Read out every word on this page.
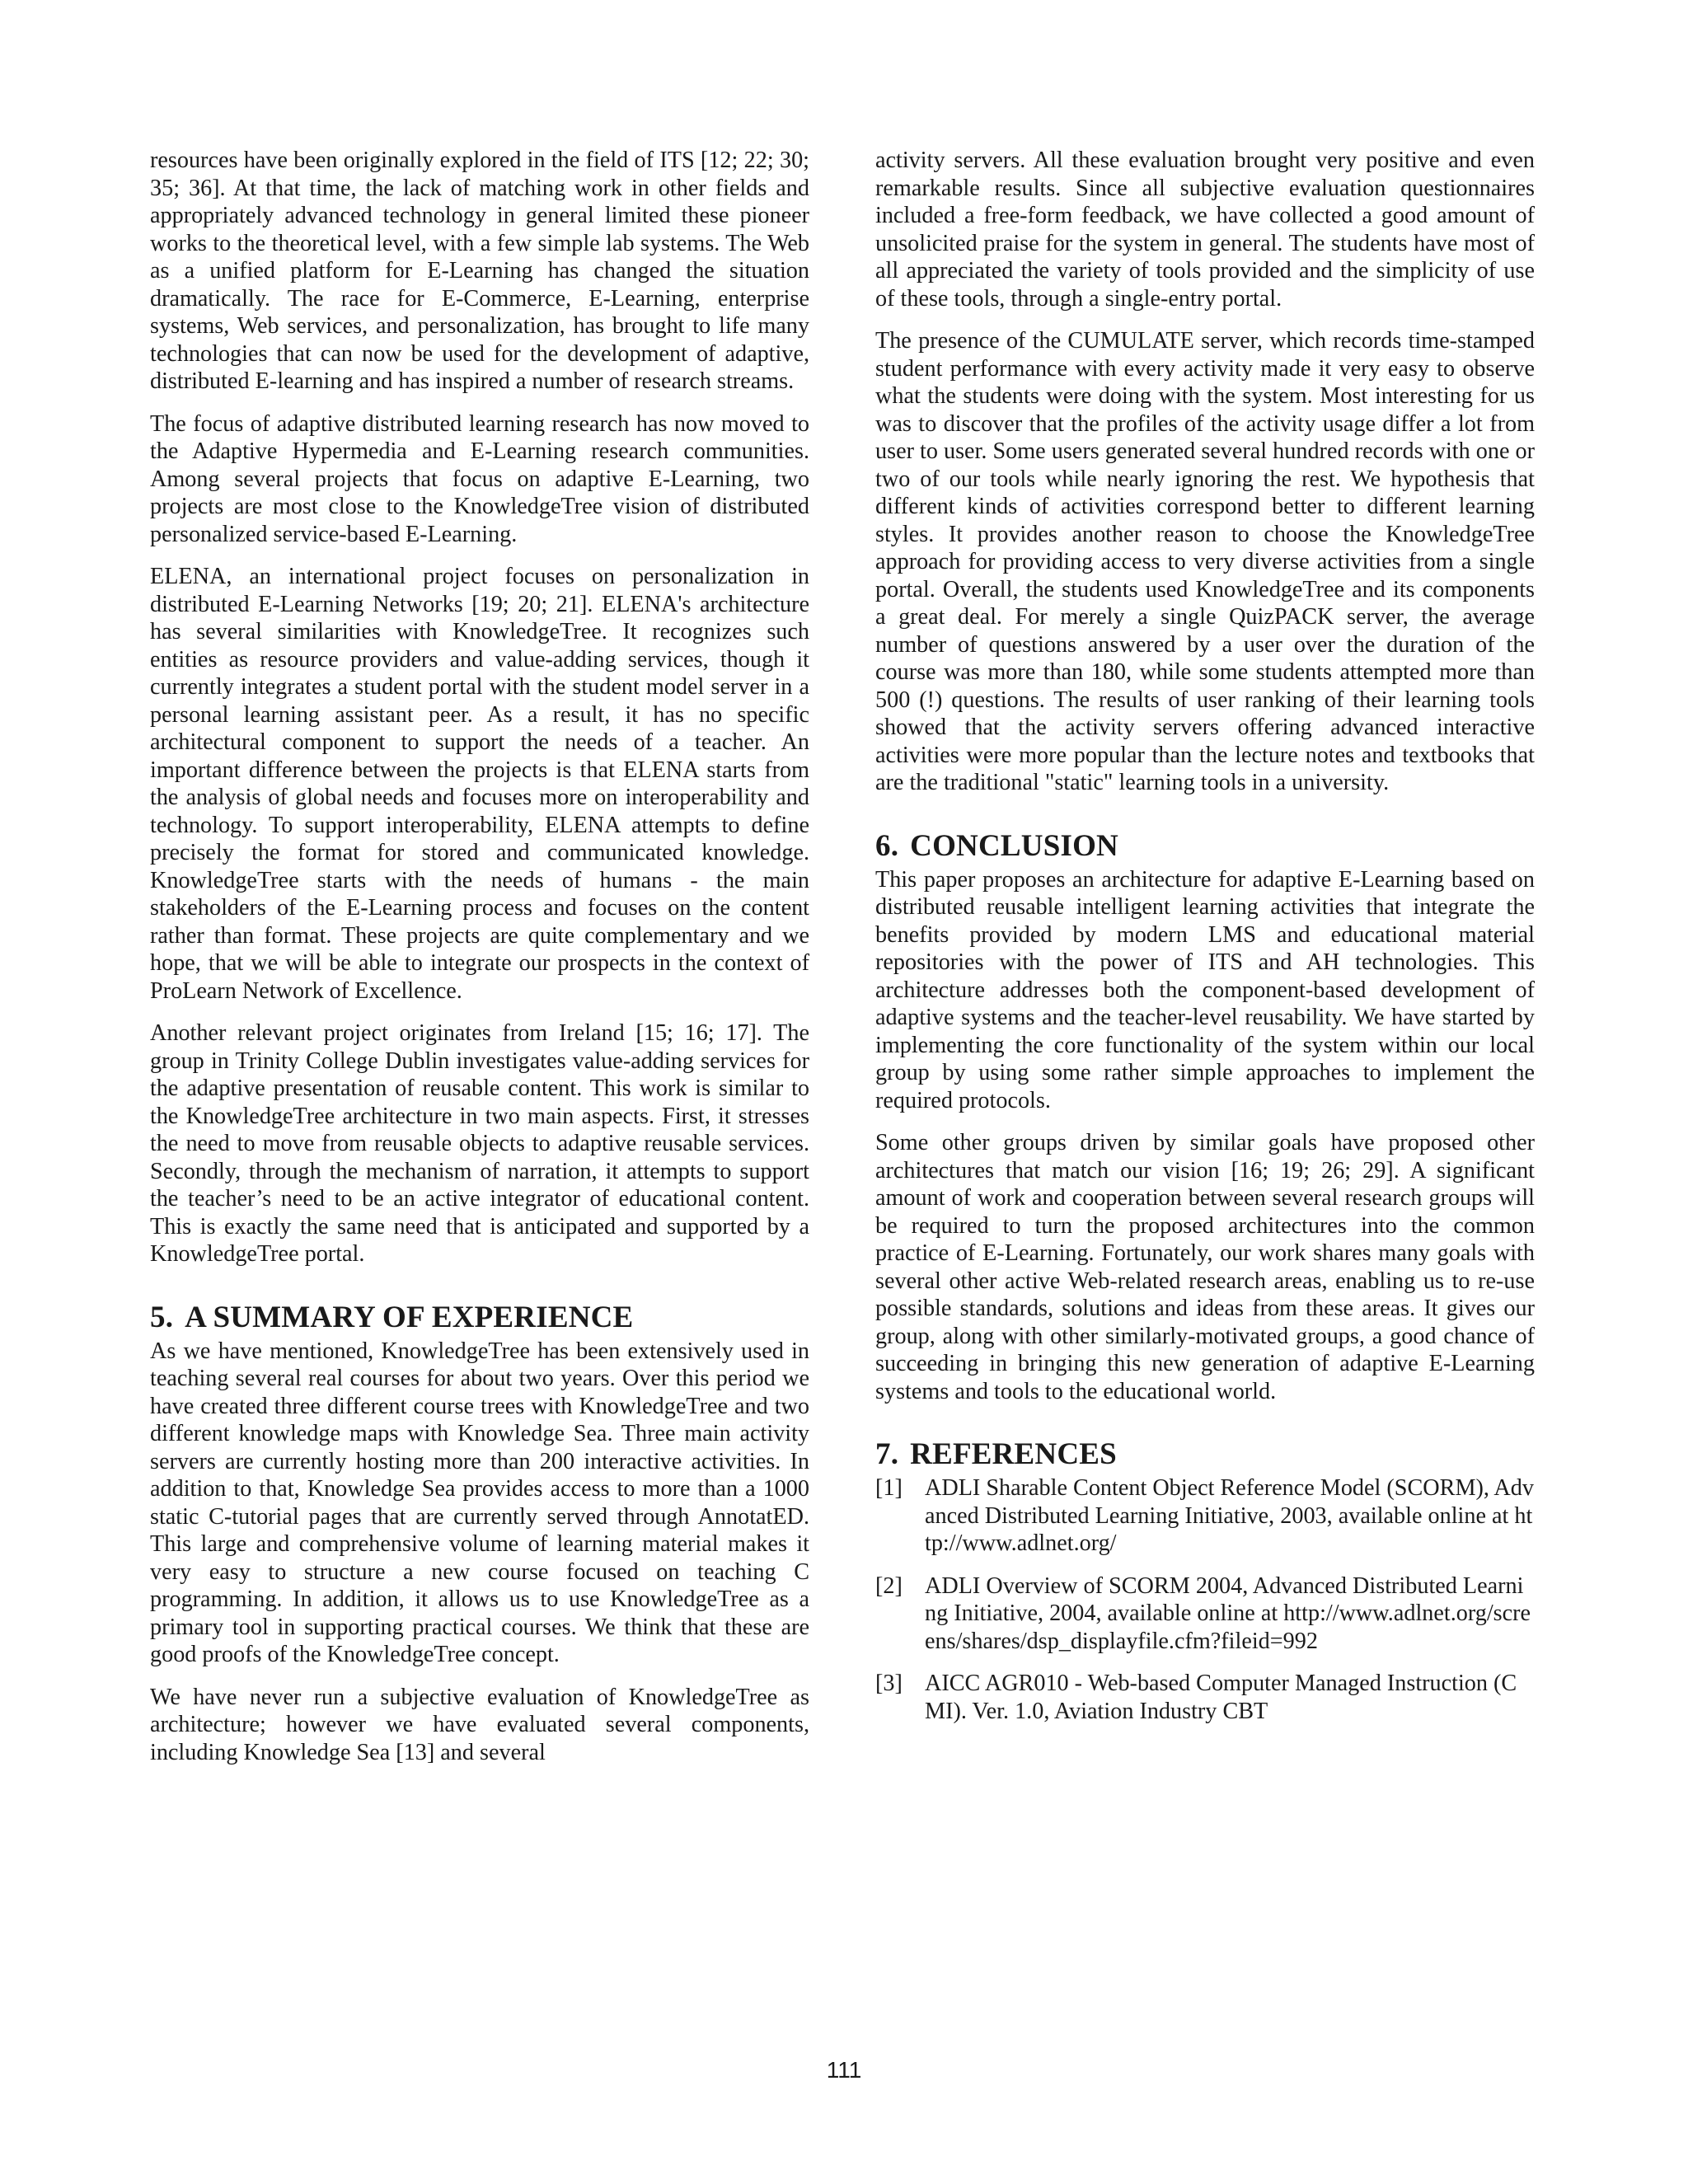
resources have been originally explored in the field of ITS [12; 22; 30; 35; 36]. At that time, the lack of matching work in other fields and appropriately advanced technology in general limited these pioneer works to the theoretical level, with a few simple lab systems. The Web as a unified platform for E-Learning has changed the situation dramatically. The race for E-Commerce, E-Learning, enterprise systems, Web services, and personalization, has brought to life many technologies that can now be used for the development of adaptive, distributed E-learning and has inspired a number of research streams.

The focus of adaptive distributed learning research has now moved to the Adaptive Hypermedia and E-Learning research communities. Among several projects that focus on adaptive E-Learning, two projects are most close to the KnowledgeTree vision of distributed personalized service-based E-Learning.

ELENA, an international project focuses on personalization in distributed E-Learning Networks [19; 20; 21]. ELENA's architecture has several similarities with KnowledgeTree. It recognizes such entities as resource providers and value-adding services, though it currently integrates a student portal with the student model server in a personal learning assistant peer. As a result, it has no specific architectural component to support the needs of a teacher. An important difference between the projects is that ELENA starts from the analysis of global needs and focuses more on interoperability and technology. To support interoperability, ELENA attempts to define precisely the format for stored and communicated knowledge. KnowledgeTree starts with the needs of humans - the main stakeholders of the E-Learning process and focuses on the content rather than format. These projects are quite complementary and we hope, that we will be able to integrate our prospects in the context of ProLearn Network of Excellence.

Another relevant project originates from Ireland [15; 16; 17]. The group in Trinity College Dublin investigates value-adding services for the adaptive presentation of reusable content. This work is similar to the KnowledgeTree architecture in two main aspects. First, it stresses the need to move from reusable objects to adaptive reusable services. Secondly, through the mechanism of narration, it attempts to support the teacher’s need to be an active integrator of educational content. This is exactly the same need that is anticipated and supported by a KnowledgeTree portal.

5. A SUMMARY OF EXPERIENCE

As we have mentioned, KnowledgeTree has been extensively used in teaching several real courses for about two years. Over this period we have created three different course trees with KnowledgeTree and two different knowledge maps with Knowledge Sea. Three main activity servers are currently hosting more than 200 interactive activities. In addition to that, Knowledge Sea provides access to more than a 1000 static C-tutorial pages that are currently served through AnnotatED. This large and comprehensive volume of learning material makes it very easy to structure a new course focused on teaching C programming. In addition, it allows us to use KnowledgeTree as a primary tool in supporting practical courses. We think that these are good proofs of the KnowledgeTree concept.

We have never run a subjective evaluation of KnowledgeTree as architecture; however we have evaluated several components, including Knowledge Sea [13] and several

activity servers. All these evaluation brought very positive and even remarkable results. Since all subjective evaluation questionnaires included a free-form feedback, we have collected a good amount of unsolicited praise for the system in general. The students have most of all appreciated the variety of tools provided and the simplicity of use of these tools, through a single-entry portal.

The presence of the CUMULATE server, which records time-stamped student performance with every activity made it very easy to observe what the students were doing with the system. Most interesting for us was to discover that the profiles of the activity usage differ a lot from user to user. Some users generated several hundred records with one or two of our tools while nearly ignoring the rest. We hypothesis that different kinds of activities correspond better to different learning styles. It provides another reason to choose the KnowledgeTree approach for providing access to very diverse activities from a single portal. Overall, the students used KnowledgeTree and its components a great deal. For merely a single QuizPACK server, the average number of questions answered by a user over the duration of the course was more than 180, while some students attempted more than 500 (!) questions. The results of user ranking of their learning tools showed that the activity servers offering advanced interactive activities were more popular than the lecture notes and textbooks that are the traditional "static" learning tools in a university.

6. CONCLUSION

This paper proposes an architecture for adaptive E-Learning based on distributed reusable intelligent learning activities that integrate the benefits provided by modern LMS and educational material repositories with the power of ITS and AH technologies. This architecture addresses both the component-based development of adaptive systems and the teacher-level reusability. We have started by implementing the core functionality of the system within our local group by using some rather simple approaches to implement the required protocols.

Some other groups driven by similar goals have proposed other architectures that match our vision [16; 19; 26; 29]. A significant amount of work and cooperation between several research groups will be required to turn the proposed architectures into the common practice of E-Learning. Fortunately, our work shares many goals with several other active Web-related research areas, enabling us to re-use possible standards, solutions and ideas from these areas. It gives our group, along with other similarly-motivated groups, a good chance of succeeding in bringing this new generation of adaptive E-Learning systems and tools to the educational world.

7. REFERENCES
[1] ADLI Sharable Content Object Reference Model (SCORM), Advanced Distributed Learning Initiative, 2003, available online at http://www.adlnet.org/
[2] ADLI Overview of SCORM 2004, Advanced Distributed Learning Initiative, 2004, available online at http://www.adlnet.org/screens/shares/dsp_displayfile.cfm?fileid=992
[3] AICC AGR010 - Web-based Computer Managed Instruction (CMI). Ver. 1.0, Aviation Industry CBT
111
